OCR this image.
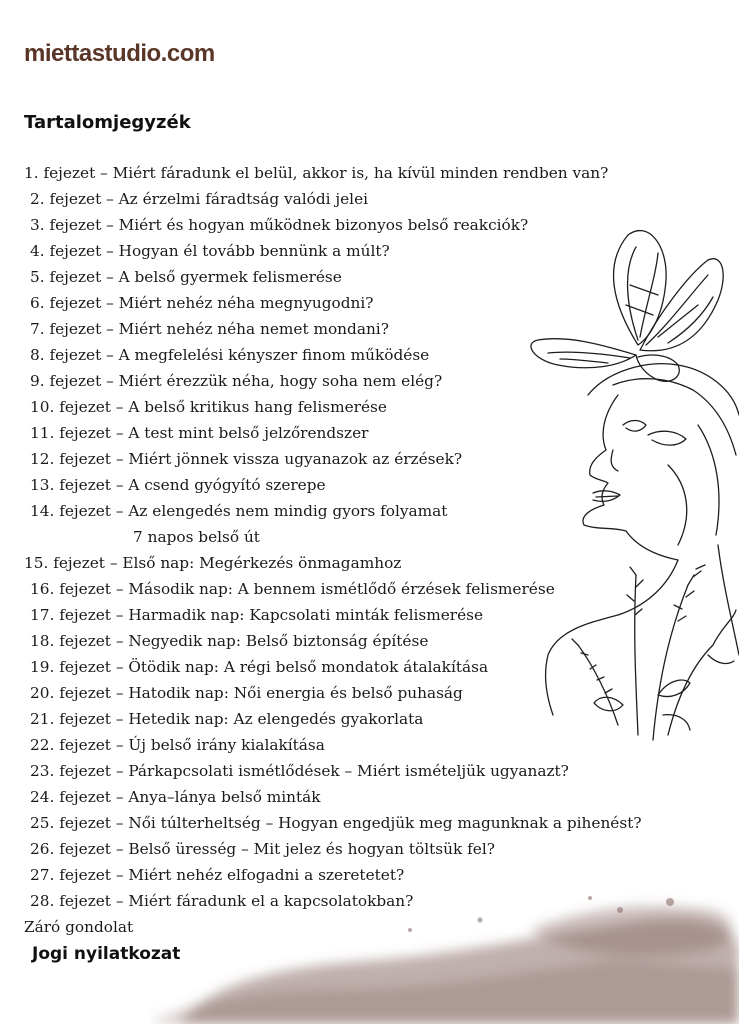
miettastudio.com
Tartalomjegyzék
1. fejezet – Miért fáradunk el belül, akkor is, ha kívül minden rendben van?
2. fejezet – Az érzelmi fáradtság valódi jelei
3. fejezet – Miért és hogyan működnek bizonyos belső reakciók?
4. fejezet – Hogyan él tovább bennünk a múlt?
5. fejezet – A belső gyermek felismerése
6. fejezet – Miért nehéz néha megnyugodni?
7. fejezet – Miért nehéz néha nemet mondani?
8. fejezet – A megfelelési kényszer finom működése
9. fejezet – Miért érezzük néha, hogy soha nem elég?
10. fejezet – A belső kritikus hang felismerése
11. fejezet – A test mint belső jelzőrendszer
12. fejezet – Miért jönnek vissza ugyanazok az érzések?
13. fejezet – A csend gyógyító szerepe
14. fejezet – Az elengedés nem mindig gyors folyamat
7 napos belső út
15. fejezet – Első nap: Megérkezés önmagamhoz
16. fejezet – Második nap: A bennem ismétlődő érzések felismerése
17. fejezet – Harmadik nap: Kapcsolati minták felismerése
18. fejezet – Negyedik nap: Belső biztonság építése
19. fejezet – Ötödik nap: A régi belső mondatok átalakítása
20. fejezet – Hatodik nap: Női energia és belső puhaság
21. fejezet – Hetedik nap: Az elengedés gyakorlata
22. fejezet – Új belső irány kialakítása
23. fejezet – Párkapcsolati ismétlődések – Miért ismételjük ugyanazt?
24. fejezet – Anya–lánya belső minták
25. fejezet – Női túlterheltség – Hogyan engedjük meg magunknak a pihenést?
26. fejezet – Belső üresség – Mit jelez és hogyan töltsük fel?
27. fejezet – Miért nehéz elfogadni a szeretetet?
28. fejezet – Miért fáradunk el a kapcsolatokban?
Záró gondolat
Jogi nyilatkozat
